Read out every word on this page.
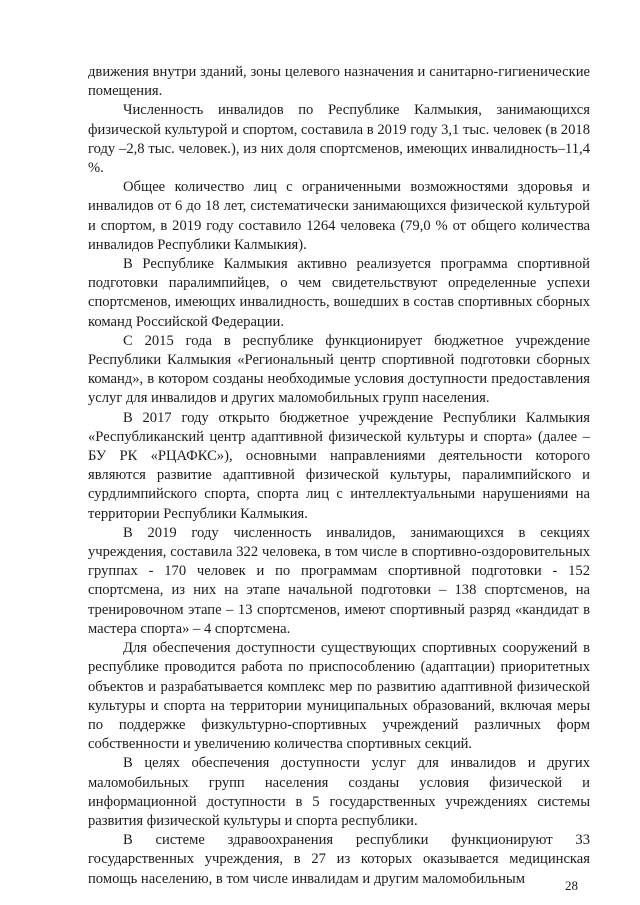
движения внутри зданий, зоны целевого назначения и санитарно-гигиенические помещения.

Численность инвалидов по Республике Калмыкия, занимающихся физической культурой и спортом, составила в 2019 году 3,1 тыс. человек (в 2018 году –2,8 тыс. человек.), из них доля спортсменов, имеющих инвалидность–11,4 %.

Общее количество лиц с ограниченными возможностями здоровья и инвалидов от 6 до 18 лет, систематически занимающихся физической культурой и спортом, в 2019 году составило 1264 человека (79,0 % от общего количества инвалидов Республики Калмыкия).

В Республике Калмыкия активно реализуется программа спортивной подготовки паралимпийцев, о чем свидетельствуют определенные успехи спортсменов, имеющих инвалидность, вошедших в состав спортивных сборных команд Российской Федерации.

С 2015 года в республике функционирует бюджетное учреждение Республики Калмыкия «Региональный центр спортивной подготовки сборных команд», в котором созданы необходимые условия доступности предоставления услуг для инвалидов и других маломобильных групп населения.

В 2017 году открыто бюджетное учреждение Республики Калмыкия «Республиканский центр адаптивной физической культуры и спорта» (далее – БУ РК «РЦАФКС»), основными направлениями деятельности которого являются развитие адаптивной физической культуры, паралимпийского и сурдлимпийского спорта, спорта лиц с интеллектуальными нарушениями на территории Республики Калмыкия.

В 2019 году численность инвалидов, занимающихся в секциях учреждения, составила 322 человека, в том числе в спортивно-оздоровительных группах - 170 человек и по программам спортивной подготовки - 152 спортсмена, из них на этапе начальной подготовки – 138 спортсменов, на тренировочном этапе – 13 спортсменов, имеют спортивный разряд «кандидат в мастера спорта» – 4 спортсмена.

Для обеспечения доступности существующих спортивных сооружений в республике проводится работа по приспособлению (адаптации) приоритетных объектов и разрабатывается комплекс мер по развитию адаптивной физической культуры и спорта на территории муниципальных образований, включая меры по поддержке физкультурно-спортивных учреждений различных форм собственности и увеличению количества спортивных секций.

В целях обеспечения доступности услуг для инвалидов и других маломобильных групп населения созданы условия физической и информационной доступности в 5 государственных учреждениях системы развития физической культуры и спорта республики.

В системе здравоохранения республики функционируют 33 государственных учреждения, в 27 из которых оказывается медицинская помощь населению, в том числе инвалидам и другим маломобильным	28
